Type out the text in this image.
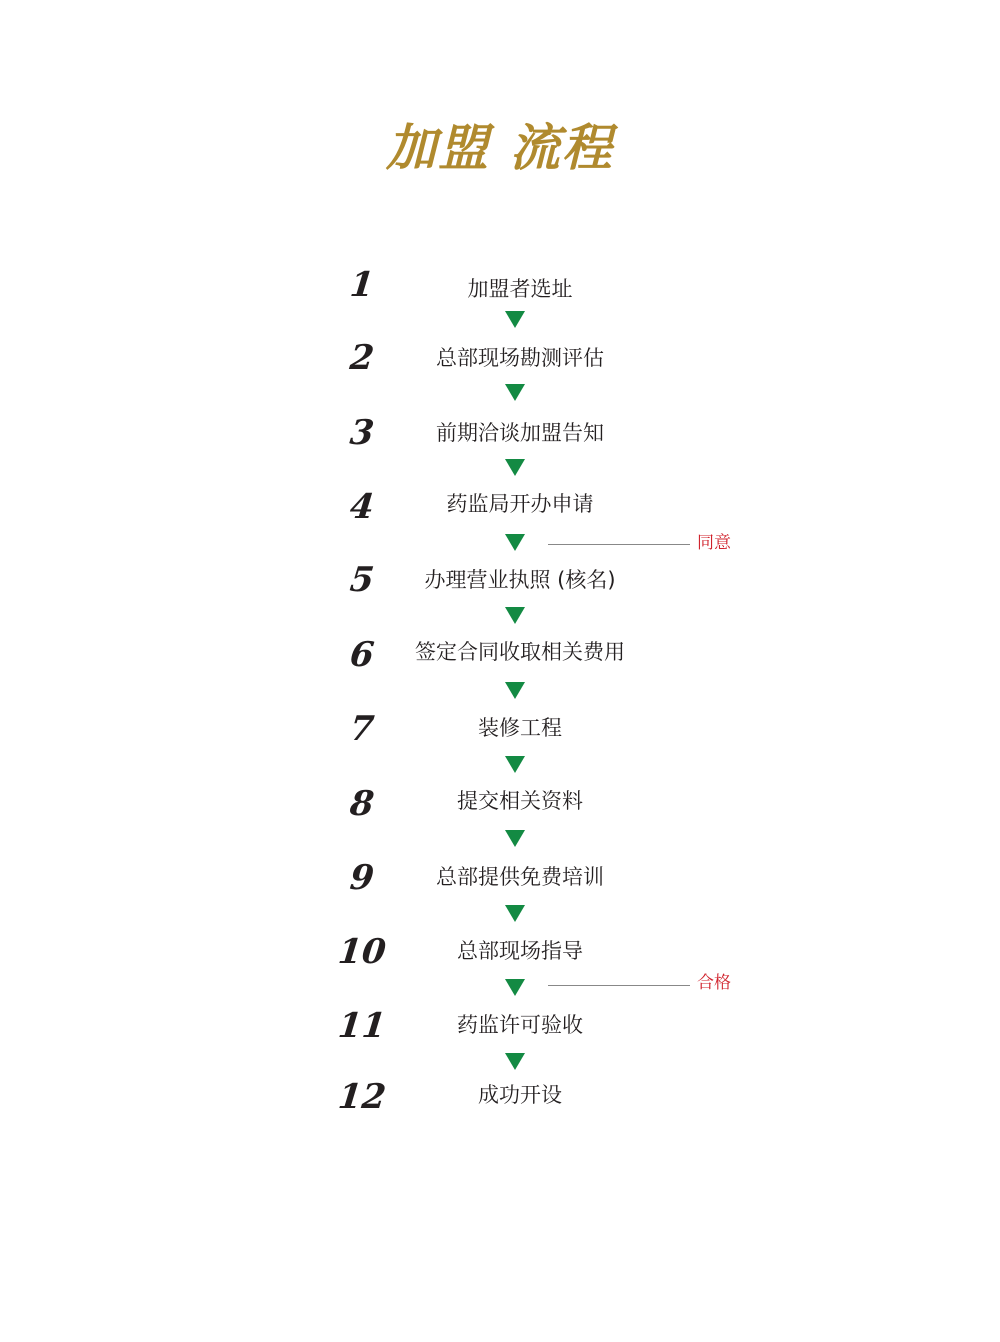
加盟 流程
1	加盟者选址
2	总部现场勘测评估
3	前期洽谈加盟告知
4	药监局开办申请
同意
5	办理营业执照 (核名)
6	签定合同收取相关费用
7	装修工程
8	提交相关资料
9	总部提供免费培训
10	总部现场指导
合格
11	药监许可验收
12	成功开设
